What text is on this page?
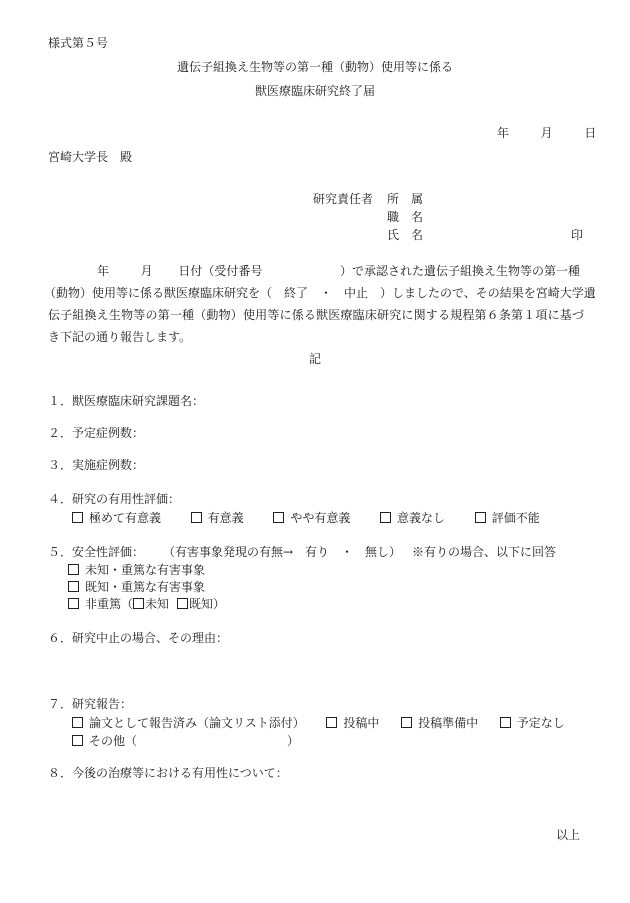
様式第５号
遺伝子組換え生物等の第一種（動物）使用等に係る
獣医療臨床研究終了届
年	月	日
宮崎大学長　殿
研究責任者 所　属
職　名
氏　名	印
年	月 日付（受付番号	）で承認された遺伝子組換え生物等の第一種
（動物）使用等に係る獣医療臨床研究を（　終了　・　中止　）しましたので、その結果を宮崎大学遺
伝子組換え生物等の第一種（動物）使用等に係る獣医療臨床研究に関する規程第６条第１項に基づ
き下記の通り報告します。
記
１．獣医療臨床研究課題名：
２．予定症例数：
３．実施症例数：
４．研究の有用性評価：
極めて有意義	有意義	やや有意義	意義なし	評価不能
５．安全性評価： （有害事象発現の有無→　有り　・　無し） ※有りの場合、以下に回答
未知・重篤な有害事象
既知・重篤な有害事象
非重篤（ 未知 既知）
６．研究中止の場合、その理由：
７．研究報告：
論文として報告済み（論文リスト添付）	投稿中	投稿準備中	予定なし
その他（	）
８．今後の治療等における有用性について：
以上
